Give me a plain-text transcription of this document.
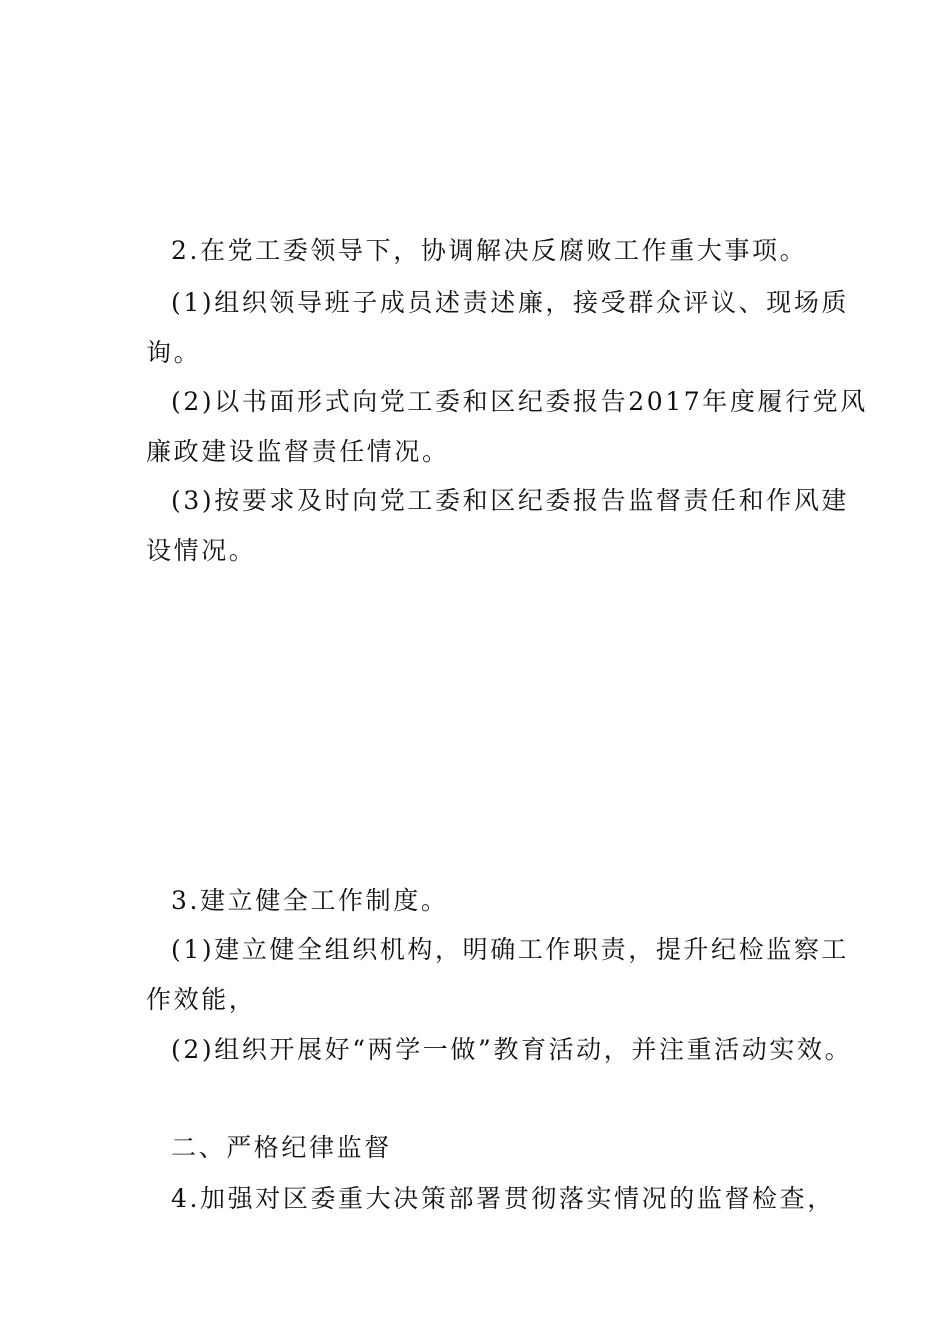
2.在党工委领导下，协调解决反腐败工作重大事项。
(1)组织领导班子成员述责述廉，接受群众评议、现场质
询。
(2)以书面形式向党工委和区纪委报告2017年度履行党风
廉政建设监督责任情况。
(3)按要求及时向党工委和区纪委报告监督责任和作风建
设情况。
3.建立健全工作制度。
(1)建立健全组织机构，明确工作职责，提升纪检监察工
作效能，
(2)组织开展好“两学一做”教育活动，并注重活动实效。
二、严格纪律监督
4.加强对区委重大决策部署贯彻落实情况的监督检查，
